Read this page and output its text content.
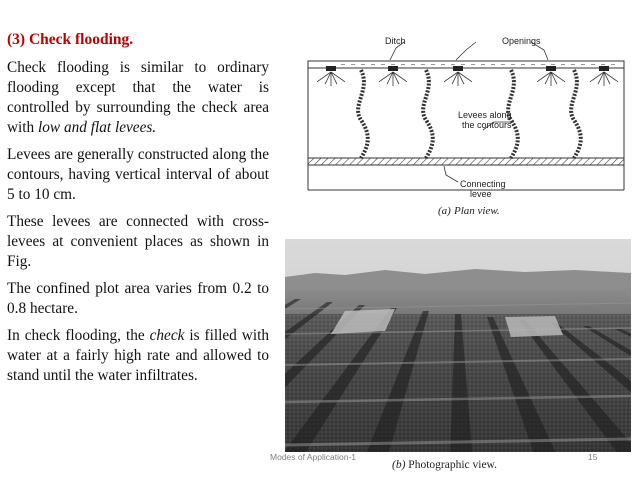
(3) Check flooding.

Check flooding is similar to ordinary flooding except that the water is controlled by surrounding the check area with low and flat levees.

Levees are generally constructed along the contours, having vertical interval of about 5 to 10 cm.

These levees are connected with cross-levees at convenient places as shown in Fig.

The confined plot area varies from 0.2 to 0.8 hectare.

In check flooding, the check is filled with water at a fairly high rate and allowed to stand until the water infiltrates.

Ditch	Openings
Levees along
the contours
Connecting
levee
(a) Plan view.
(b) Photographic view.
Modes of Application-1	15
